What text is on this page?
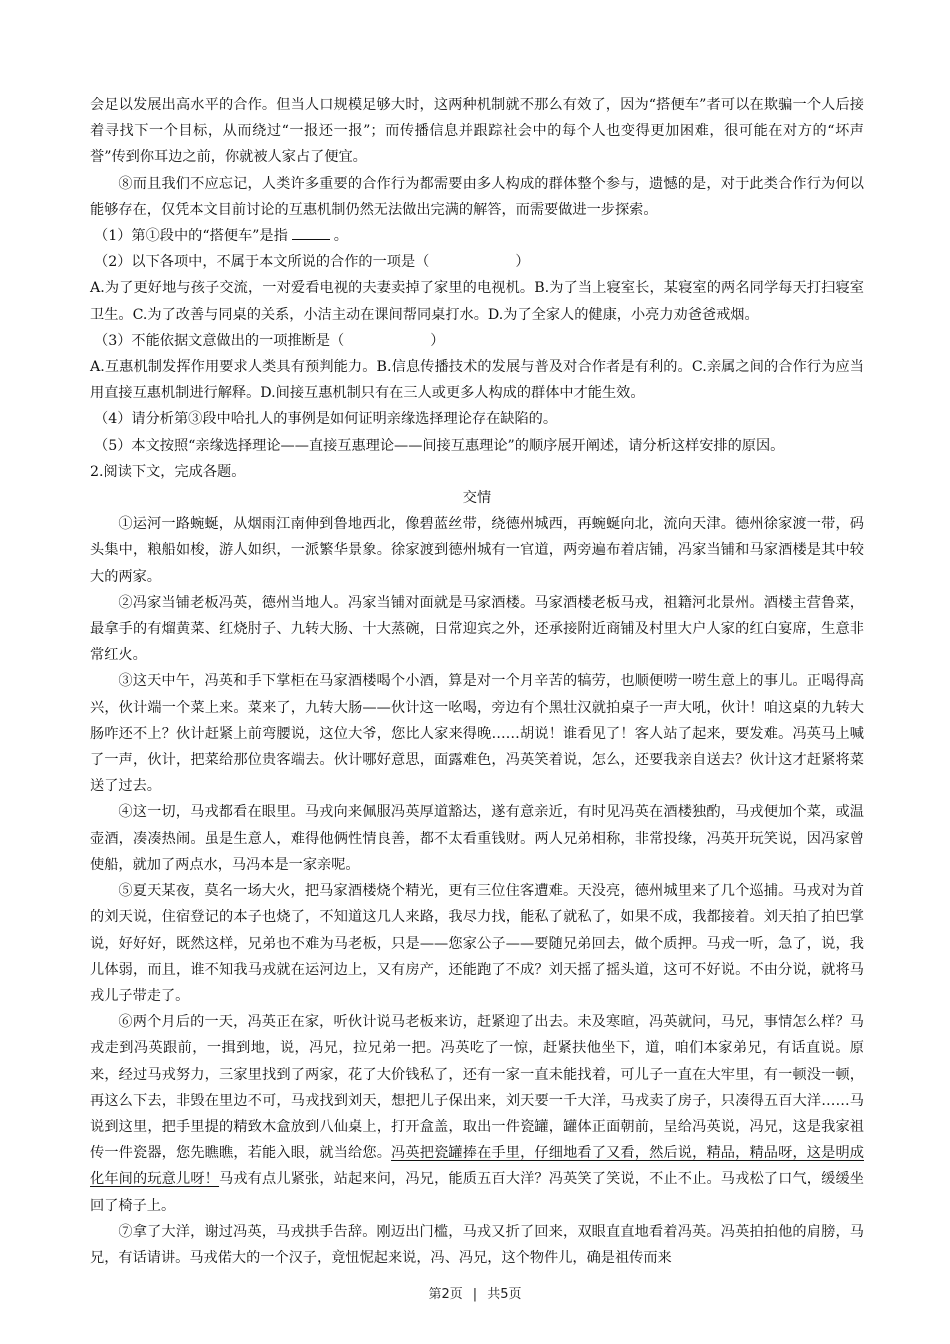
会足以发展出高水平的合作。但当人口规模足够大时，这两种机制就不那么有效了，因为“搭便车”者可以在欺骗一个人后接着寻找下一个目标，从而绕过“一报还一报”；而传播信息并跟踪社会中的每个人也变得更加困难，很可能在对方的“坏声誉”传到你耳边之前，你就被人家占了便宜。

⑧而且我们不应忘记，人类许多重要的合作行为都需要由多人构成的群体整个参与，遗憾的是，对于此类合作行为何以能够存在，仅凭本文目前讨论的互惠机制仍然无法做出完满的解答，而需要做进一步探索。

（1）第①段中的“搭便车”是指	。

（2）以下各项中，不属于本文所说的合作的一项是（	）

A.为了更好地与孩子交流，一对爱看电视的夫妻卖掉了家里的电视机。B.为了当上寝室长，某寝室的两名同学每天打扫寝室卫生。C.为了改善与同桌的关系，小洁主动在课间帮同桌打水。D.为了全家人的健康，小亮力劝爸爸戒烟。

（3）不能依据文意做出的一项推断是（	）

A.互惠机制发挥作用要求人类具有预判能力。B.信息传播技术的发展与普及对合作者是有利的。C.亲属之间的合作行为应当用直接互惠机制进行解释。D.间接互惠机制只有在三人或更多人构成的群体中才能生效。

（4）请分析第③段中哈扎人的事例是如何证明亲缘选择理论存在缺陷的。

（5）本文按照“亲缘选择理论——直接互惠理论——间接互惠理论”的顺序展开阐述，请分析这样安排的原因。

2.阅读下文，完成各题。

交情

①运河一路蜿蜒，从烟雨江南伸到鲁地西北，像碧蓝丝带，绕德州城西，再蜿蜒向北，流向天津。德州徐家渡一带，码头集中，粮船如梭，游人如织，一派繁华景象。徐家渡到德州城有一官道，两旁遍布着店铺，冯家当铺和马家酒楼是其中较大的两家。

②冯家当铺老板冯英，德州当地人。冯家当铺对面就是马家酒楼。马家酒楼老板马戎，祖籍河北景州。酒楼主营鲁菜，最拿手的有熘黄菜、红烧肘子、九转大肠、十大蒸碗，日常迎宾之外，还承接附近商铺及村里大户人家的红白宴席，生意非常红火。

③这天中午，冯英和手下掌柜在马家酒楼喝个小酒，算是对一个月辛苦的犒劳，也顺便唠一唠生意上的事儿。正喝得高兴，伙计端一个菜上来。菜来了，九转大肠——伙计这一吆喝，旁边有个黑壮汉就拍桌子一声大吼，伙计！咱这桌的九转大肠咋还不上？伙计赶紧上前弯腰说，这位大爷，您比人家来得晚……胡说！谁看见了！客人站了起来，要发难。冯英马上喊了一声，伙计，把菜给那位贵客端去。伙计哪好意思，面露难色，冯英笑着说，怎么，还要我亲自送去？伙计这才赶紧将菜送了过去。

④这一切，马戎都看在眼里。马戎向来佩服冯英厚道豁达，遂有意亲近，有时见冯英在酒楼独酌，马戎便加个菜，或温壶酒，凑凑热闹。虽是生意人，难得他俩性情良善，都不太看重钱财。两人兄弟相称，非常投缘，冯英开玩笑说，因冯家曾使船，就加了两点水，马冯本是一家亲呢。

⑤夏天某夜，莫名一场大火，把马家酒楼烧个精光，更有三位住客遭难。天没亮，德州城里来了几个巡捕。马戎对为首的刘天说，住宿登记的本子也烧了，不知道这几人来路，我尽力找，能私了就私了，如果不成，我都接着。刘天拍了拍巴掌说，好好好，既然这样，兄弟也不难为马老板，只是——您家公子——要随兄弟回去，做个质押。马戎一听，急了，说，我儿体弱，而且，谁不知我马戎就在运河边上，又有房产，还能跑了不成？刘天摇了摇头道，这可不好说。不由分说，就将马戎儿子带走了。

⑥两个月后的一天，冯英正在家，听伙计说马老板来访，赶紧迎了出去。未及寒暄，冯英就问，马兄，事情怎么样？马戎走到冯英跟前，一揖到地，说，冯兄，拉兄弟一把。冯英吃了一惊，赶紧扶他坐下，道，咱们本家弟兄，有话直说。原来，经过马戎努力，三家里找到了两家，花了大价钱私了，还有一家一直未能找着，可儿子一直在大牢里，有一顿没一顿，再这么下去，非毁在里边不可，马戎找到刘天，想把儿子保出来，刘天要一千大洋，马戎卖了房子，只凑得五百大洋……马说到这里，把手里提的精致木盒放到八仙桌上，打开盒盖，取出一件瓷罐，罐体正面朝前，呈给冯英说，冯兄，这是我家祖传一件瓷器，您先瞧瞧，若能入眼，就当给您。冯英把瓷罐捧在手里，仔细地看了又看，然后说，精品，精品呀，这是明成化年间的玩意儿呀！马戎有点儿紧张，站起来问，冯兄，能质五百大洋？冯英笑了笑说，不止不止。马戎松了口气，缓缓坐回了椅子上。

⑦拿了大洋，谢过冯英，马戎拱手告辞。刚迈出门槛，马戎又折了回来，双眼直直地看着冯英。冯英拍拍他的肩膀，马兄，有话请讲。马戎偌大的一个汉子，竟忸怩起来说，冯、冯兄，这个物件儿，确是祖传而来

第2页 | 共5页
